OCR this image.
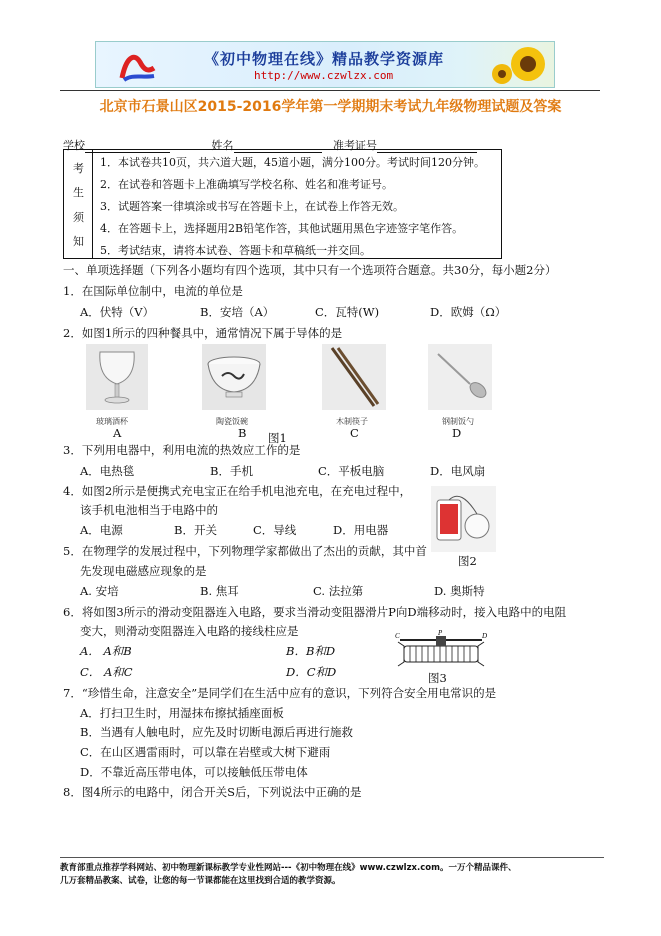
《初中物理在线》精品教学资源库
http://www.czwlzx.com
北京市石景山区2015-2016学年第一学期期末考试九年级物理试题及答案
学校	姓名	准考证号
考
生
须
知
1．本试卷共10页，共六道大题，45道小题，满分100分。考试时间120分钟。
2．在试卷和答题卡上准确填写学校名称、姓名和准考证号。
3．试题答案一律填涂或书写在答题卡上，在试卷上作答无效。
4．在答题卡上，选择题用2B铅笔作答，其他试题用黑色字迹签字笔作答。
5．考试结束，请将本试卷、答题卡和草稿纸一并交回。
一、单项选择题（下列各小题均有四个选项，其中只有一个选项符合题意。共30分，每小题2分）
1．在国际单位制中，电流的单位是
A．伏特（V）	B．安培（A）	C．瓦特(W)	D．欧姆（Ω）
2．如图1所示的四种餐具中，通常情况下属于导体的是
玻璃酒杯	陶瓷饭碗	木制筷子	钢制饭勺
A	B 图1	C	D
3．下列用电器中，利用电流的热效应工作的是
A．电热毯	B．手机	C．平板电脑	D．电风扇
4．如图2所示是便携式充电宝正在给手机电池充电，在充电过程中，
该手机电池相当于电路中的
A．电源	B．开关	C．导线	D．用电器
图2
5．在物理学的发展过程中，下列物理学家都做出了杰出的贡献，其中首
先发现电磁感应现象的是
A. 安培	B. 焦耳	C. 法拉第	D. 奥斯特
6．将如图3所示的滑动变阻器连入电路，要求当滑动变阻器滑片P向D端移动时，接入电路中的电阻
变大，则滑动变阻器连入电路的接线柱应是
A． A和B	B．B和D
C． A和C	D．C和D
C	P	D
图3
7．“珍惜生命，注意安全”是同学们在生活中应有的意识，下列符合安全用电常识的是
A．打扫卫生时，用湿抹布擦拭插座面板
B．当遇有人触电时，应先及时切断电源后再进行施救
C．在山区遇雷雨时，可以靠在岩壁或大树下避雨
D．不靠近高压带电体，可以接触低压带电体
8．图4所示的电路中，闭合开关S后，下列说法中正确的是
教育部重点推荐学科网站、初中物理新课标教学专业性网站---《初中物理在线》www.czwlzx.com。一万个精品课件、
几万套精品教案、试卷，让您的每一节课都能在这里找到合适的教学资源。
